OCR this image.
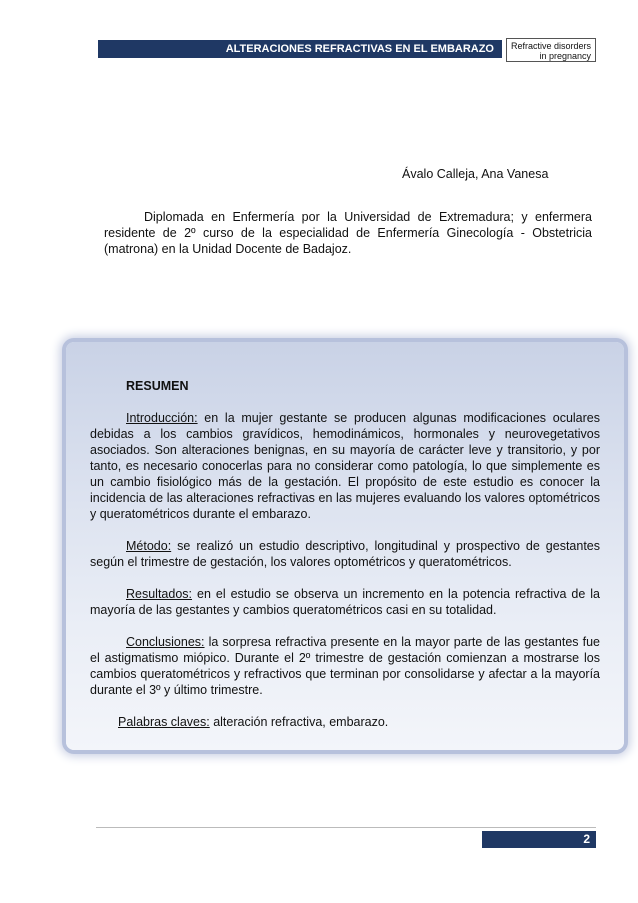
ALTERACIONES REFRACTIVAS EN EL EMBARAZO	Refractive disorders
in pregnancy
Ávalo Calleja, Ana Vanesa
Diplomada en Enfermería por la Universidad de Extremadura; y enfermera residente de 2º curso de la especialidad de Enfermería Ginecología - Obstetricia (matrona) en la Unidad Docente de Badajoz.

RESUMEN

Introducción: en la mujer gestante se producen algunas modificaciones oculares debidas a los cambios gravídicos, hemodinámicos, hormonales y neurovegetativos asociados. Son alteraciones benignas, en su mayoría de carácter leve y transitorio, y por tanto, es necesario conocerlas para no considerar como patología, lo que simplemente es un cambio fisiológico más de la gestación. El propósito de este estudio es conocer la incidencia de las alteraciones refractivas en las mujeres evaluando los valores optométricos y queratométricos durante el embarazo.

Método: se realizó un estudio descriptivo, longitudinal y prospectivo de gestantes según el trimestre de gestación, los valores optométricos y queratométricos.

Resultados: en el estudio se observa un incremento en la potencia refractiva de la mayoría de las gestantes y cambios queratométricos casi en su totalidad.

Conclusiones: la sorpresa refractiva presente en la mayor parte de las gestantes fue el astigmatismo miópico. Durante el 2º trimestre de gestación comienzan a mostrarse los cambios queratométricos y refractivos que terminan por consolidarse y afectar a la mayoría durante el 3º y último trimestre.

Palabras claves: alteración refractiva, embarazo.

2
